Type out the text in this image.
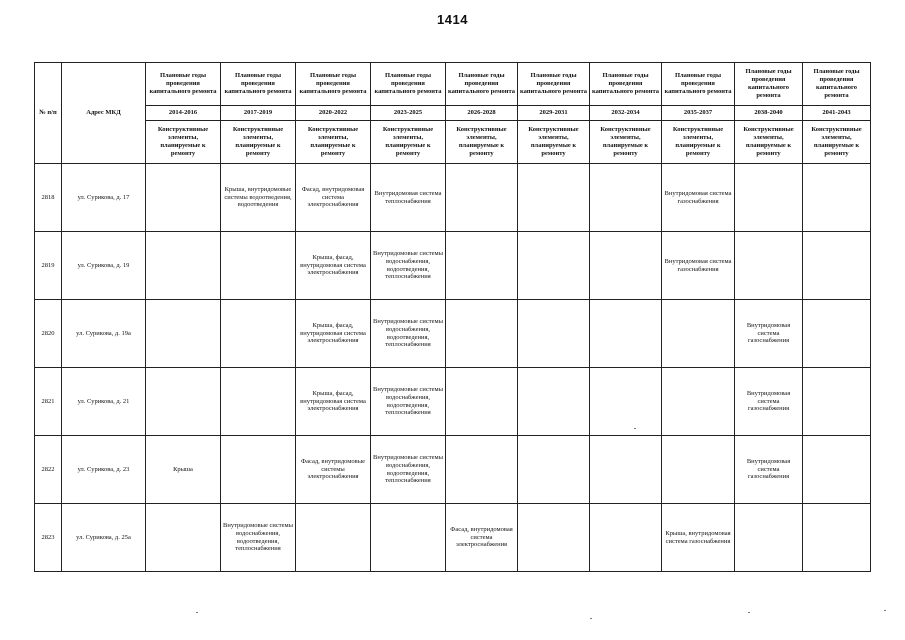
1414
№ п/п	Адрес МКД	Плановые годы проведения капитального ремонта	Плановые годы проведения капитального ремонта	Плановые годы проведения капитального ремонта	Плановые годы проведения капитального ремонта	Плановые годы проведения капитального ремонта	Плановые годы проведения капитального ремонта	Плановые годы проведения капитального ремонта	Плановые годы проведения капитального ремонта	Плановые годы проведения капитального ремонта	Плановые годы проведения капитального ремонта
		2014-2016	2017-2019	2020-2022	2023-2025	2026-2028	2029-2031	2032-2034	2035-2037	2038-2040	2041-2043
		Конструктивные элементы, планируемые к ремонту	Конструктивные элементы, планируемые к ремонту	Конструктивные элементы, планируемые к ремонту	Конструктивные элементы, планируемые к ремонту	Конструктивные элементы, планируемые к ремонту	Конструктивные элементы, планируемые к ремонту	Конструктивные элементы, планируемые к ремонту	Конструктивные элементы, планируемые к ремонту	Конструктивные элементы, планируемые к ремонту	Конструктивные элементы, планируемые к ремонту
2818	ул. Сурикова, д. 17		Крыша, внутридомовые системы водоотведения, водоотведения	Фасад, внутридомовая система электроснабжения	Внутридомовая система теплоснабжения				Внутридомовая система газоснабжения		
2819	ул. Сурикова, д. 19			Крыша, фасад, внутридомовая система электроснабжения	Внутридомовые системы водоснабжения, водоотведения, теплоснабжения				Внутридомовая система газоснабжения		
2820	ул. Сурикова, д. 19а			Крыша, фасад, внутридомовая система электроснабжения	Внутридомовые системы водоснабжения, водоотведения, теплоснабжения					Внутридомовая система газоснабжения	
2821	ул. Сурикова, д. 21			Крыша, фасад, внутридомовая система электроснабжения	Внутридомовые системы водоснабжения, водоотведения, теплоснабжения					Внутридомовая система газоснабжения	
2822	ул. Сурикова, д. 23	Крыша		Фасад, внутридомовые системы электроснабжения	Внутридомовые системы водоснабжения, водоотведения, теплоснабжения					Внутридомовая система газоснабжения	
2823	ул. Сурикова, д. 25а		Внутридомовые системы водоснабжения, водоотведения, теплоснабжения			Фасад, внутридомовая система электроснабжения			Крыша, внутридомовая система газоснабжения		
